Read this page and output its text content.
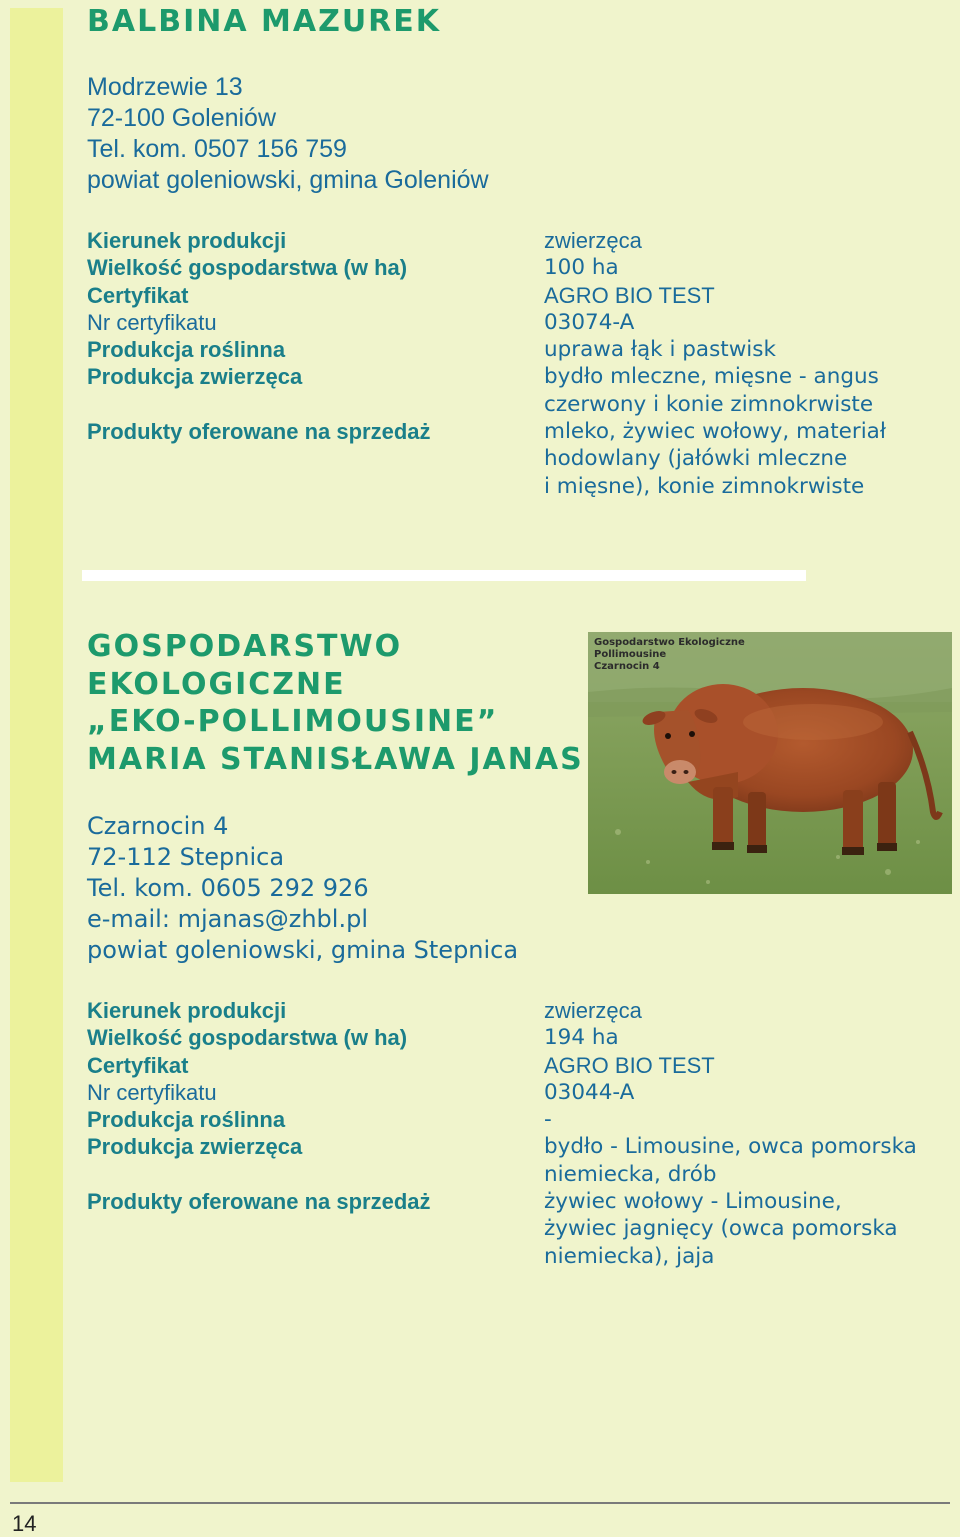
BALBINA MAZUREK
Modrzewie 13
72-100 Goleniów
Tel. kom. 0507 156 759
powiat goleniowski, gmina Goleniów
Kierunek produkcji	zwierzęca
Wielkość gospodarstwa (w ha)	100 ha
Certyfikat	AGRO BIO TEST
Nr certyfikatu	03074-A
Produkcja roślinna	uprawa łąk i pastwisk
Produkcja zwierzęca	bydło mleczne, mięsne - angus
czerwony i konie zimnokrwiste
Produkty oferowane na sprzedaż	mleko, żywiec wołowy, materiał
hodowlany (jałówki mleczne
i mięsne), konie zimnokrwiste
GOSPODARSTWO
EKOLOGICZNE
„EKO-POLLIMOUSINE”
MARIA STANISŁAWA JANAS
Czarnocin 4
72-112 Stepnica
Tel. kom. 0605 292 926
e-mail: mjanas@zhbl.pl
powiat goleniowski, gmina Stepnica
Kierunek produkcji	zwierzęca
Wielkość gospodarstwa (w ha)	194 ha
Certyfikat	AGRO BIO TEST
Nr certyfikatu	03044-A
Produkcja roślinna	-
Produkcja zwierzęca	bydło - Limousine, owca pomorska
niemiecka, drób
Produkty oferowane na sprzedaż	żywiec wołowy - Limousine,
żywiec jagnięcy (owca pomorska
niemiecka), jaja
Gospodarstwo Ekologiczne
Pollimousine
Czarnocin 4
14
